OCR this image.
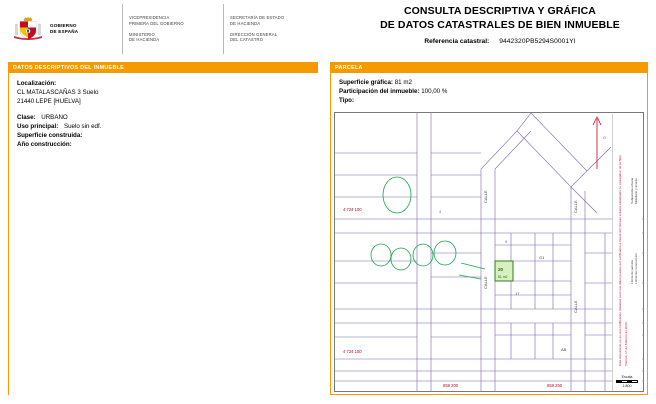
GOBIERNO
DE ESPAÑA
VICEPRESIDENCIA
PRIMERA DEL GOBIERNO
MINISTERIO
DE HACIENDA
SECRETARÍA DE ESTADO
DE HACIENDA
DIRECCIÓN GENERAL
DEL CATASTRO
CONSULTA DESCRIPTIVA Y GRÁFICA
DE DATOS CATASTRALES DE BIEN INMUEBLE
Referencia catastral: 9442320PB5294S0001YI
DATOS DESCRIPTIVOS DEL INMUEBLE
Localización:
CL MATALASCAÑAS 3 Suelo
21440 LEPE [HUELVA]
Clase: URBANO
Uso principal: Suelo sin edf.
Superficie construida:
Año construcción:
PARCELA
Superficie gráfica: 81 m2
Participación del inmueble: 100,00 %
Tipo:
4 724 100
4 724 150
859 200	859 250
CALLE
CALLE
CALLE
CALLE
G1
17
AB
20
81 m2
G
4
9	Este documento no es una certificación catastral, pero sus datos pueden ser verificados a través del 'Acceso a datos catastrales no protegidos' de la SEC. Viernes, 17 de Febrero de 2023
Límite de parcela Límite de construcción
Subparcela urbana Mobiliario y aceras
Escala
1:800
